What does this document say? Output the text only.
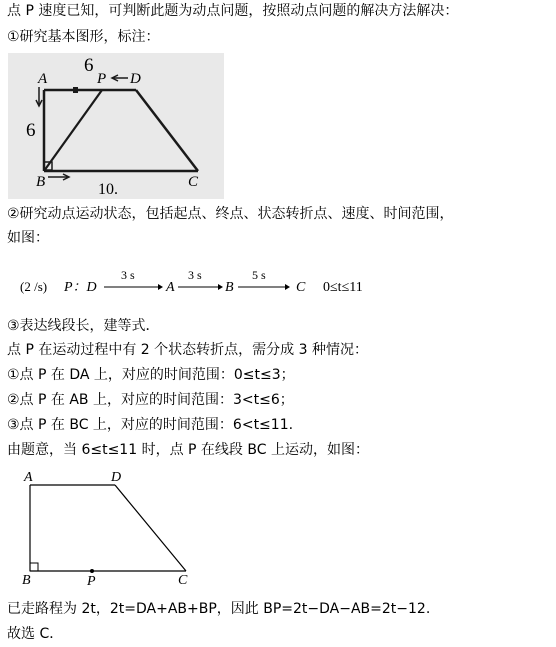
点 P 速度已知，可判断此题为动点问题，按照动点问题的解决方法解决：
①研究基本图形，标注：
A	P D
B	C
6
6
10.
②研究动点运动状态，包括起点、终点、状态转折点、速度、时间范围，
如图：
(2 /s) P：D
3 s
A
3 s
B
5 s
C 0≤t≤11
③表达线段长，建等式．
点 P 在运动过程中有 2 个状态转折点，需分成 3 种情况：
①点 P 在 DA 上，对应的时间范围：0≤t≤3；
②点 P 在 AB 上，对应的时间范围：3<t≤6；
③点 P 在 BC 上，对应的时间范围：6<t≤11.
由题意，当 6≤t≤11 时，点 P 在线段 BC 上运动，如图：
A	D
B	P	C
已走路程为 2t，2t=DA+AB+BP，因此 BP=2t−DA−AB=2t−12.
故选 C．
